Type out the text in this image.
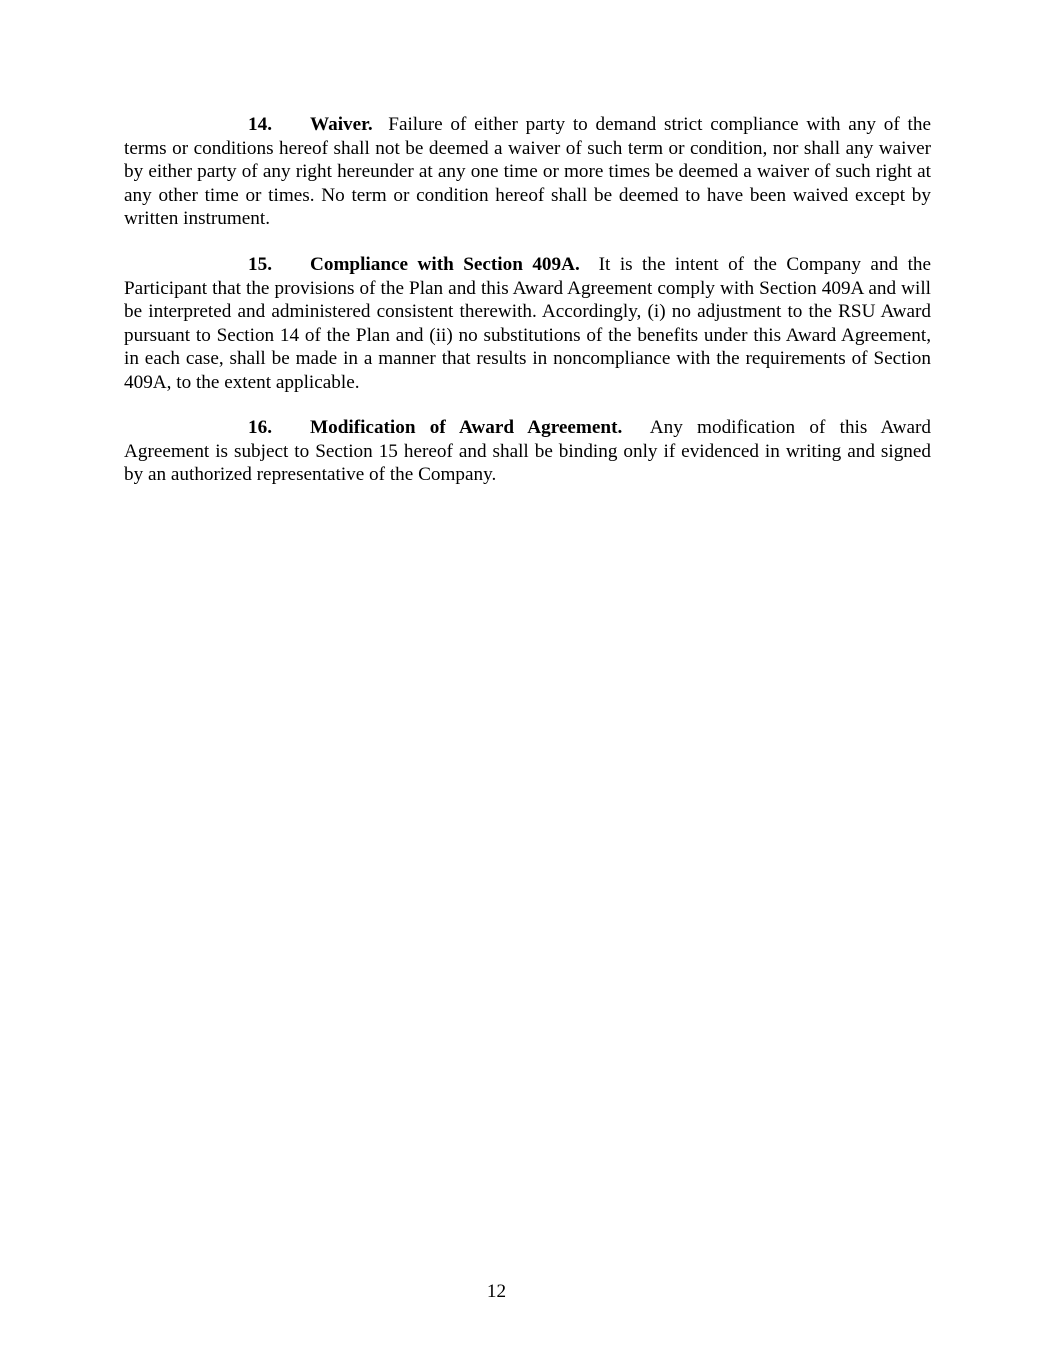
14. Waiver. Failure of either party to demand strict compliance with any of the terms or conditions hereof shall not be deemed a waiver of such term or condition, nor shall any waiver by either party of any right hereunder at any one time or more times be deemed a waiver of such right at any other time or times. No term or condition hereof shall be deemed to have been waived except by written instrument.

15. Compliance with Section 409A. It is the intent of the Company and the Participant that the provisions of the Plan and this Award Agreement comply with Section 409A and will be interpreted and administered consistent therewith. Accordingly, (i) no adjustment to the RSU Award pursuant to Section 14 of the Plan and (ii) no substitutions of the benefits under this Award Agreement, in each case, shall be made in a manner that results in noncompliance with the requirements of Section 409A, to the extent applicable.

16. Modification of Award Agreement. Any modification of this Award Agreement is subject to Section 15 hereof and shall be binding only if evidenced in writing and signed by an authorized representative of the Company.

12
